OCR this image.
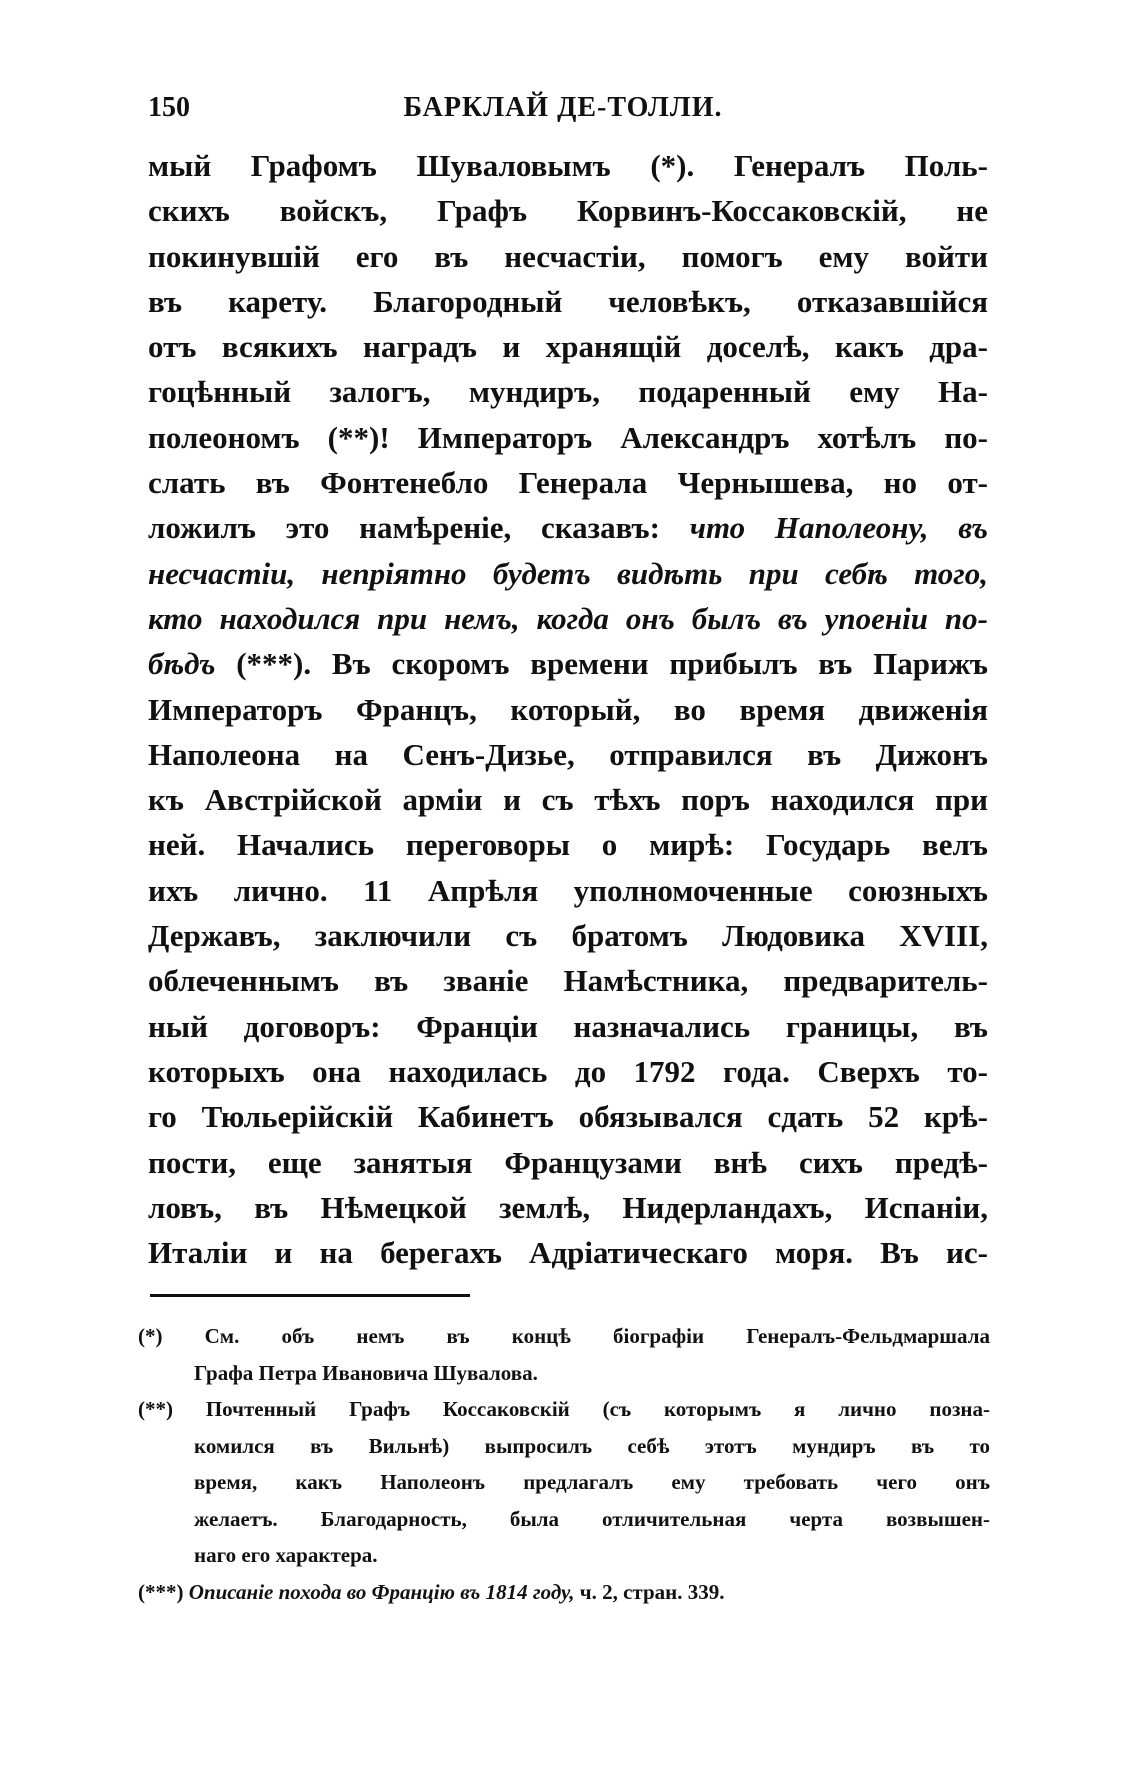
150	БАРКЛАЙ ДЕ-ТОЛЛИ.
мый Графомъ Шуваловымъ (*). Генералъ Поль-
скихъ войскъ, Графъ Корвинъ-Коссаковскій, не
покинувшій его въ несчастіи, помогъ ему войти
въ карету. Благородный человѣкъ, отказавшійся
отъ всякихъ наградъ и хранящій доселѣ, какъ дра-
гоцѣнный залогъ, мундиръ, подаренный ему На-
полеономъ (**)! Императоръ Александръ хотѣлъ по-
слать въ Фонтенебло Генерала Чернышева, но от-
ложилъ это намѣреніе, сказавъ: что Наполеону, въ
несчастіи, непріятно будетъ видѣть при себѣ того,
кто находился при немъ, когда онъ былъ въ упоеніи по-
бѣдъ (***). Въ скоромъ времени прибылъ въ Парижъ
Императоръ Францъ, который, во время движенія
Наполеона на Сенъ-Дизье, отправился въ Дижонъ
къ Австрійской арміи и съ тѣхъ поръ находился при
ней. Начались переговоры о мирѣ: Государь велъ
ихъ лично. 11 Апрѣля уполномоченные союзныхъ
Державъ, заключили съ братомъ Людовика XVIII,
облеченнымъ въ званіе Намѣстника, предваритель-
ный договоръ: Франціи назначались границы, въ
которыхъ она находилась до 1792 года. Сверхъ то-
го Тюльерійскій Кабинетъ обязывался сдать 52 крѣ-
пости, еще занятыя Французами внѣ сихъ предѣ-
ловъ, въ Нѣмецкой землѣ, Нидерландахъ, Испаніи,
Италіи и на берегахъ Адріатическаго моря. Въ ис-
(*) См. объ немъ въ концѣ біографіи Генералъ-Фельдмаршала
Графа Петра Ивановича Шувалова.
(**) Почтенный Графъ Коссаковскій (съ которымъ я лично позна-
комился въ Вильнѣ) выпросилъ себѣ этотъ мундиръ въ то
время, какъ Наполеонъ предлагалъ ему требовать чего онъ
желаетъ. Благодарность, была отличительная черта возвышен-
наго его характера.
(***) Описаніе похода во Францію въ 1814 году, ч. 2, стран. 339.
